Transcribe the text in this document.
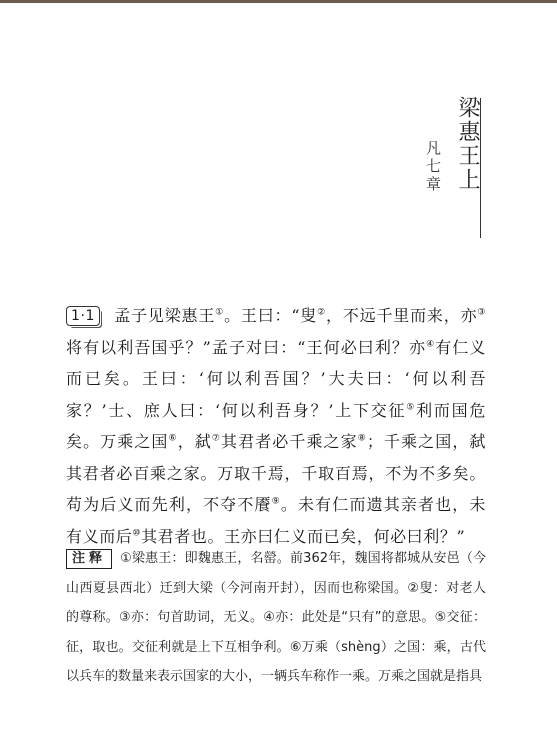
梁惠王上
凡七章
1·1 孟子见梁惠王①。王曰：“叟②，不远千里而来，亦③将有以利吾国乎？”孟子对曰：“王何必曰利？亦④有仁义而已矣。王曰：‘何以利吾国？’大夫曰：‘何以利吾家？’士、庶人曰：‘何以利吾身？’上下交征⑤利而国危矣。万乘之国⑥，弑⑦其君者必千乘之家⑧；千乘之国，弑其君者必百乘之家。万取千焉，千取百焉，不为不多矣。苟为后义而先利，不夺不餍⑨。未有仁而遗其亲者也，未有义而后⑩其君者也。王亦曰仁义而已矣，何必曰利？”
注释 ①梁惠王：即魏惠王，名罃。前362年，魏国将都城从安邑（今山西夏县西北）迁到大梁（今河南开封），因而也称梁国。②叟：对老人的尊称。③亦：句首助词，无义。④亦：此处是“只有”的意思。⑤交征：征，取也。交征利就是上下互相争利。⑥万乘（shèng）之国：乘，古代以兵车的数量来表示国家的大小，一辆兵车称作一乘。万乘之国就是指具
